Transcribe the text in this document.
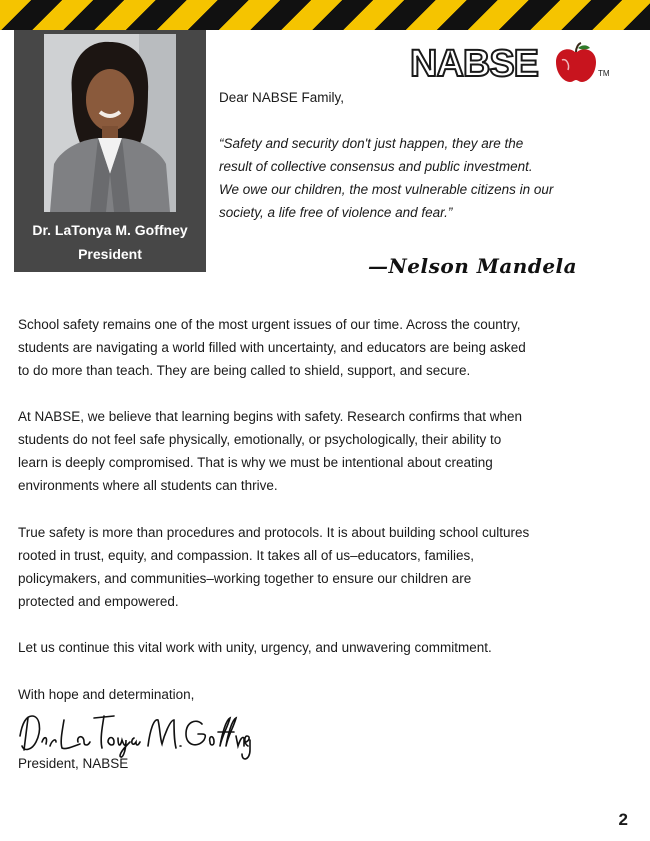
Dr. LaTonya M. Goffney
President
NABSE	TM
Dear NABSE Family,
“Safety and security don't just happen, they are the
result of collective consensus and public investment.
We owe our children, the most vulnerable citizens in our
society, a life free of violence and fear.”
—Nelson Mandela
School safety remains one of the most urgent issues of our time. Across the country,
students are navigating a world filled with uncertainty, and educators are being asked
to do more than teach. They are being called to shield, support, and secure.
At NABSE, we believe that learning begins with safety. Research confirms that when
students do not feel safe physically, emotionally, or psychologically, their ability to
learn is deeply compromised. That is why we must be intentional about creating
environments where all students can thrive.
True safety is more than procedures and protocols. It is about building school cultures
rooted in trust, equity, and compassion. It takes all of us–educators, families,
policymakers, and communities–working together to ensure our children are
protected and empowered.
Let us continue this vital work with unity, urgency, and unwavering commitment.
With hope and determination,
President, NABSE
2
